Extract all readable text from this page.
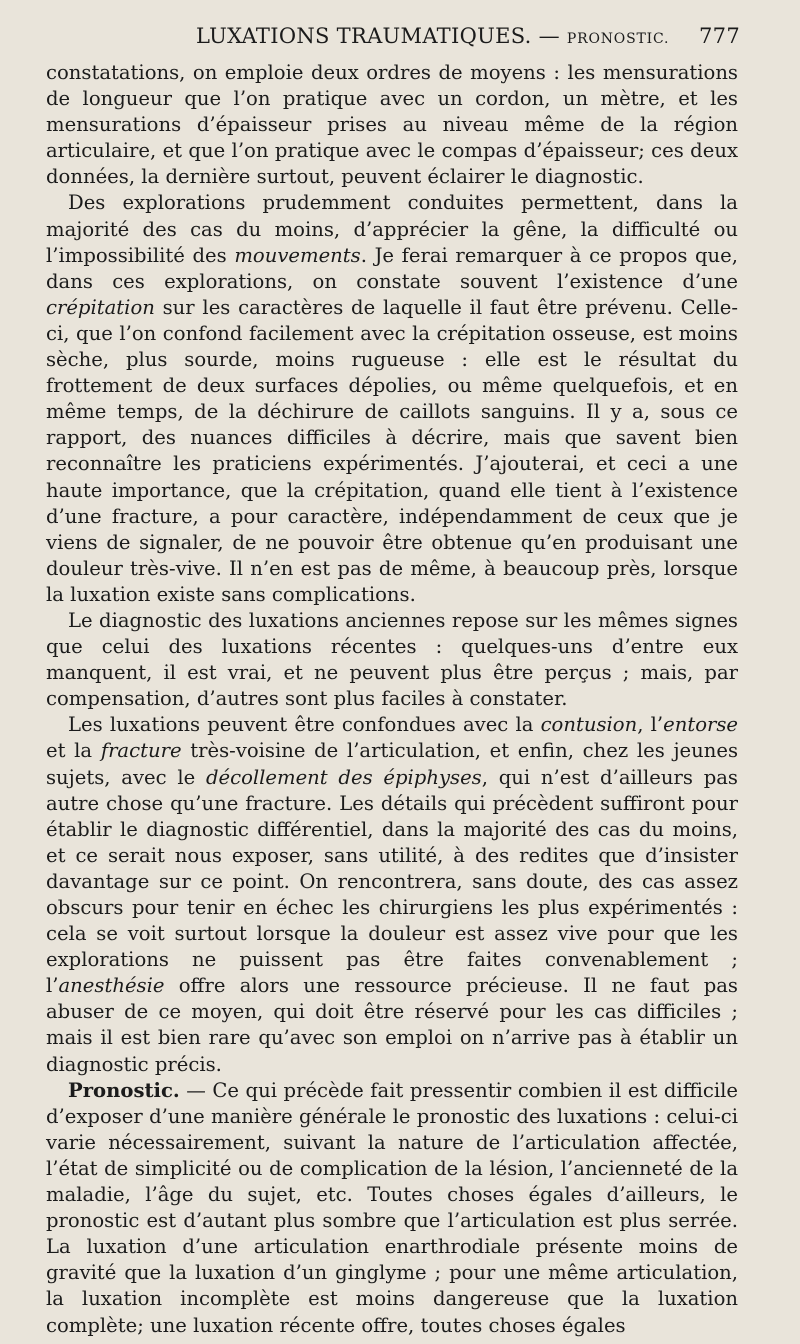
LUXATIONS TRAUMATIQUES. — PRONOSTIC. 777

constatations, on emploie deux ordres de moyens : les mensurations de longueur que l’on pratique avec un cordon, un mètre, et les mensurations d’épaisseur prises au niveau même de la région articulaire, et que l’on pratique avec le compas d’épaisseur; ces deux données, la dernière surtout, peuvent éclairer le diagnostic.

Des explorations prudemment conduites permettent, dans la majorité des cas du moins, d’apprécier la gêne, la difficulté ou l’impossibilité des mouvements. Je ferai remarquer à ce propos que, dans ces explorations, on constate souvent l’existence d’une crépitation sur les caractères de laquelle il faut être prévenu. Celle-ci, que l’on confond facilement avec la crépitation osseuse, est moins sèche, plus sourde, moins rugueuse : elle est le résultat du frottement de deux surfaces dépolies, ou même quelquefois, et en même temps, de la déchirure de caillots sanguins. Il y a, sous ce rapport, des nuances difficiles à décrire, mais que savent bien reconnaître les praticiens expérimentés. J’ajouterai, et ceci a une haute importance, que la crépitation, quand elle tient à l’existence d’une fracture, a pour caractère, indépendamment de ceux que je viens de signaler, de ne pouvoir être obtenue qu’en produisant une douleur très-vive. Il n’en est pas de même, à beaucoup près, lorsque la luxation existe sans complications.

Le diagnostic des luxations anciennes repose sur les mêmes signes que celui des luxations récentes : quelques-uns d’entre eux manquent, il est vrai, et ne peuvent plus être perçus ; mais, par compensation, d’autres sont plus faciles à constater.

Les luxations peuvent être confondues avec la contusion, l’entorse et la fracture très-voisine de l’articulation, et enfin, chez les jeunes sujets, avec le décollement des épiphyses, qui n’est d’ailleurs pas autre chose qu’une fracture. Les détails qui précèdent suffiront pour établir le diagnostic différentiel, dans la majorité des cas du moins, et ce serait nous exposer, sans utilité, à des redites que d’insister davantage sur ce point. On rencontrera, sans doute, des cas assez obscurs pour tenir en échec les chirurgiens les plus expérimentés : cela se voit surtout lorsque la douleur est assez vive pour que les explorations ne puissent pas être faites convenablement ; l’anesthésie offre alors une ressource précieuse. Il ne faut pas abuser de ce moyen, qui doit être réservé pour les cas difficiles ; mais il est bien rare qu’avec son emploi on n’arrive pas à établir un diagnostic précis.

Pronostic. — Ce qui précède fait pressentir combien il est difficile d’exposer d’une manière générale le pronostic des luxations : celui-ci varie nécessairement, suivant la nature de l’articulation affectée, l’état de simplicité ou de complication de la lésion, l’ancienneté de la maladie, l’âge du sujet, etc. Toutes choses égales d’ailleurs, le pronostic est d’autant plus sombre que l’articulation est plus serrée. La luxation d’une articulation enarthrodiale présente moins de gravité que la luxation d’un ginglyme ; pour une même articulation, la luxation incomplète est moins dangereuse que la luxation complète; une luxation récente offre, toutes choses égales
